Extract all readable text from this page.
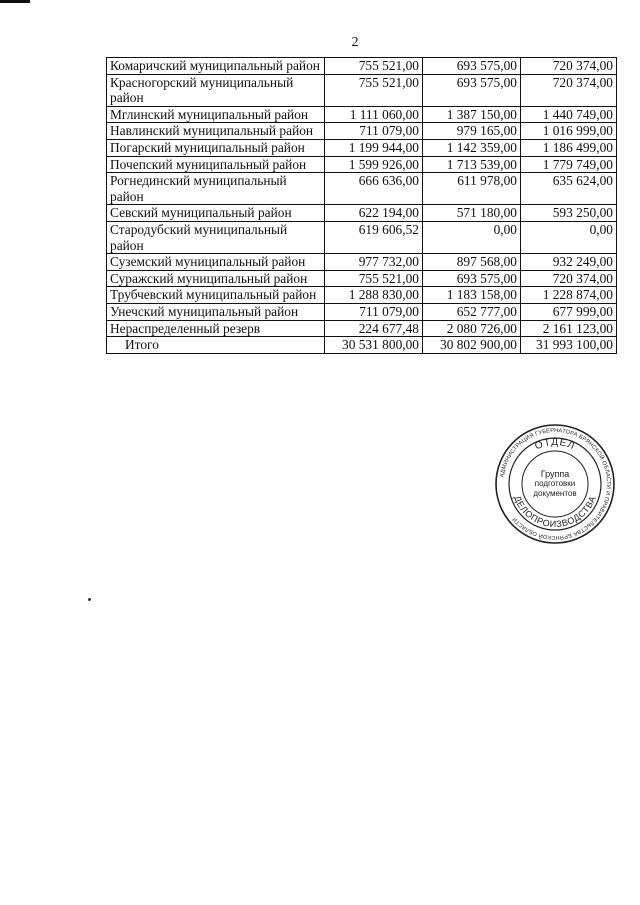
2
Комаричский муниципальный район	755 521,00	693 575,00	720 374,00
Красногорский муниципальный район	755 521,00	693 575,00	720 374,00
Мглинский муниципальный район	1 111 060,00	1 387 150,00	1 440 749,00
Навлинский муниципальный район	711 079,00	979 165,00	1 016 999,00
Погарский муниципальный район	1 199 944,00	1 142 359,00	1 186 499,00
Почепский муниципальный район	1 599 926,00	1 713 539,00	1 779 749,00
Рогнединский муниципальный район	666 636,00	611 978,00	635 624,00
Севский муниципальный район	622 194,00	571 180,00	593 250,00
Стародубский муниципальный район	619 606,52	0,00	0,00
Суземский муниципальный район	977 732,00	897 568,00	932 249,00
Суражский муниципальный район	755 521,00	693 575,00	720 374,00
Трубчевский муниципальный район	1 288 830,00	1 183 158,00	1 228 874,00
Унечский муниципальный район	711 079,00	652 777,00	677 999,00
Нераспределенный резерв	224 677,48	2 080 726,00	2 161 123,00
Итого	30 531 800,00	30 802 900,00	31 993 100,00
АДМИНИСТРАЦИЯ ГУБЕРНАТОРА БРЯНСКОЙ ОБЛАСТИ И ПРАВИТЕЛЬСТВА БРЯНСКОЙ ОБЛАСТИ
ОТДЕЛ
ДЕЛОПРОИЗВОДСТВА
Группа
подготовки
документов
